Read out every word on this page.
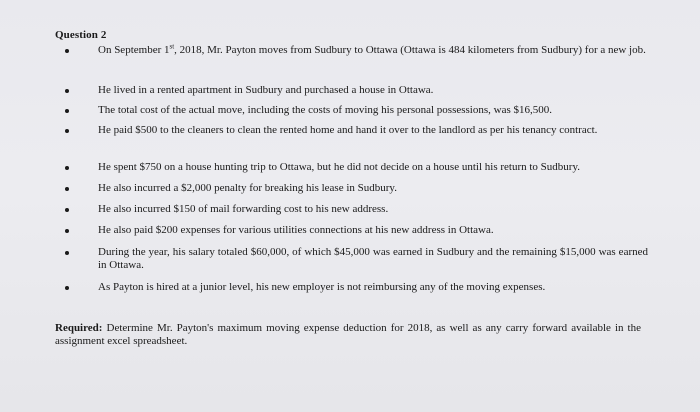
Question 2
On September 1st, 2018, Mr. Payton moves from Sudbury to Ottawa (Ottawa is 484 kilometers from Sudbury) for a new job.
He lived in a rented apartment in Sudbury and purchased a house in Ottawa.
The total cost of the actual move, including the costs of moving his personal possessions, was $16,500.
He paid $500 to the cleaners to clean the rented home and hand it over to the landlord as per his tenancy contract.
He spent $750 on a house hunting trip to Ottawa, but he did not decide on a house until his return to Sudbury.
He also incurred a $2,000 penalty for breaking his lease in Sudbury.
He also incurred $150 of mail forwarding cost to his new address.
He also paid $200 expenses for various utilities connections at his new address in Ottawa.
During the year, his salary totaled $60,000, of which $45,000 was earned in Sudbury and the remaining $15,000 was earned in Ottawa.
As Payton is hired at a junior level, his new employer is not reimbursing any of the moving expenses.

Required: Determine Mr. Payton's maximum moving expense deduction for 2018, as well as any carry forward available in the assignment excel spreadsheet.
